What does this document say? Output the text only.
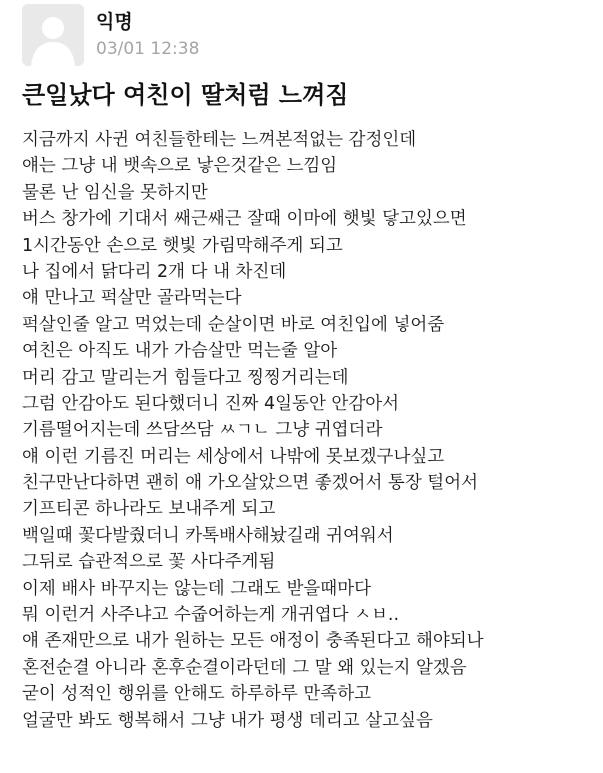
익명
03/01 12:38
큰일났다 여친이 딸처럼 느껴짐
지금까지 사귄 여친들한테는 느껴본적없는 감정인데
얘는 그냥 내 뱃속으로 낳은것같은 느낌임
물론 난 임신을 못하지만
버스 창가에 기대서 쌔근쌔근 잘때 이마에 햇빛 닿고있으면
1시간동안 손으로 햇빛 가림막해주게 되고
나 집에서 닭다리 2개 다 내 차진데
얘 만나고 퍽살만 골라먹는다
퍽살인줄 알고 먹었는데 순살이면 바로 여친입에 넣어줌
여친은 아직도 내가 가슴살만 먹는줄 알아
머리 감고 말리는거 힘들다고 찡찡거리는데
그럼 안감아도 된다했더니 진짜 4일동안 안감아서
기름떨어지는데 쓰담쓰담 ㅆㄱㄴ 그냥 귀엽더라
얘 이런 기름진 머리는 세상에서 나밖에 못보겠구나싶고
친구만난다하면 괜히 애 가오살았으면 좋겠어서 통장 털어서
기프티콘 하나라도 보내주게 되고
백일때 꽃다발줬더니 카톡배사해놨길래 귀여워서
그뒤로 습관적으로 꽃 사다주게됨
이제 배사 바꾸지는 않는데 그래도 받을때마다
뭐 이런거 사주냐고 수줍어하는게 개귀엽다 ㅅㅂ..
얘 존재만으로 내가 원하는 모든 애정이 충족된다고 해야되나
혼전순결 아니라 혼후순결이라던데 그 말 왜 있는지 알겠음
굳이 성적인 행위를 안해도 하루하루 만족하고
얼굴만 봐도 행복해서 그냥 내가 평생 데리고 살고싶음
